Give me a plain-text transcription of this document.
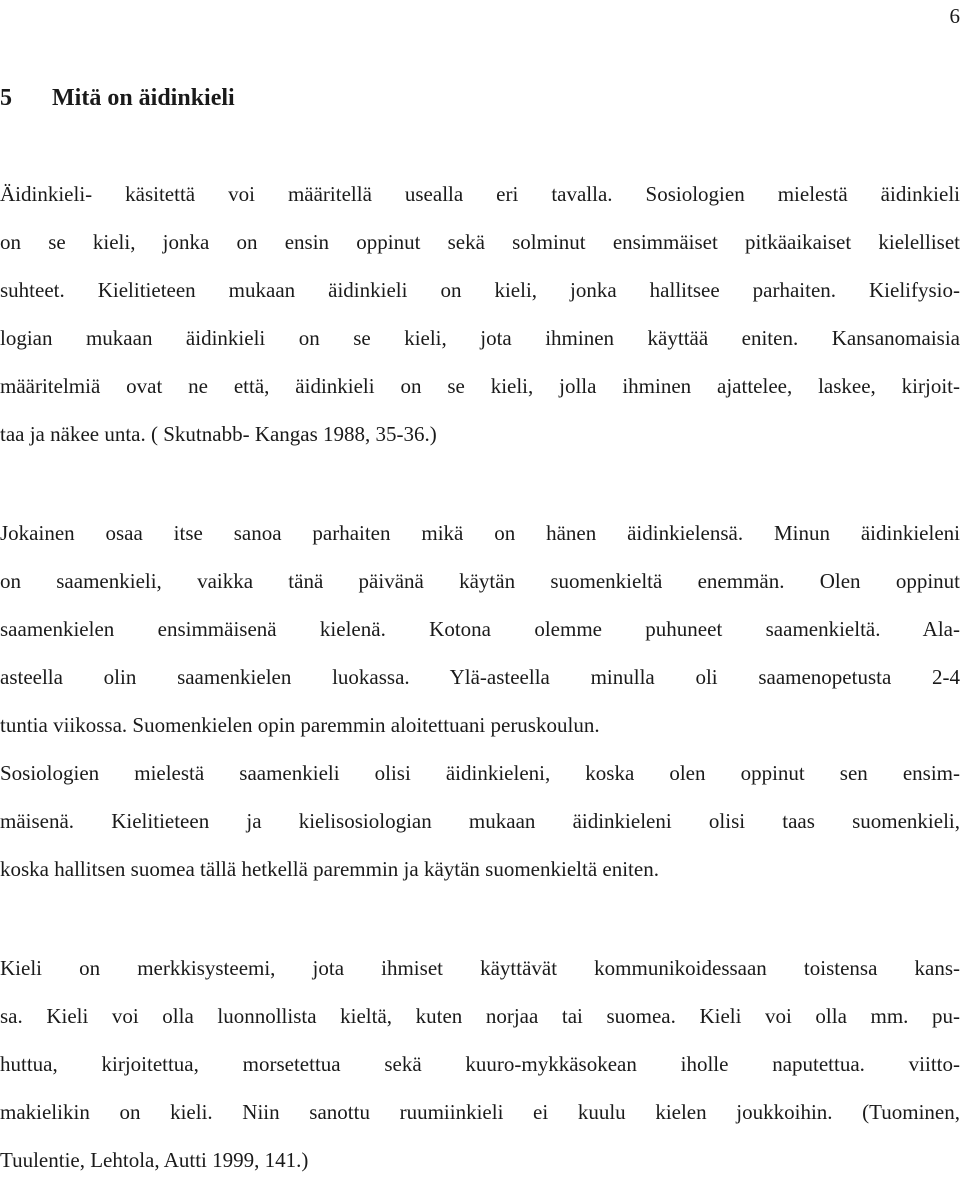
6
5 Mitä on äidinkieli
Äidinkieli- käsitettä voi määritellä usealla eri tavalla. Sosiologien mielestä äidinkieli
on se kieli, jonka on ensin oppinut sekä solminut ensimmäiset pitkäaikaiset kielelliset
suhteet. Kielitieteen mukaan äidinkieli on kieli, jonka hallitsee parhaiten. Kielifysio-
logian mukaan äidinkieli on se kieli, jota ihminen käyttää eniten. Kansanomaisia
määritelmiä ovat ne että, äidinkieli on se kieli, jolla ihminen ajattelee, laskee, kirjoit-
taa ja näkee unta. ( Skutnabb- Kangas 1988, 35-36.)
Jokainen osaa itse sanoa parhaiten mikä on hänen äidinkielensä. Minun äidinkieleni
on saamenkieli, vaikka tänä päivänä käytän suomenkieltä enemmän. Olen oppinut
saamenkielen ensimmäisenä kielenä. Kotona olemme puhuneet saamenkieltä. Ala-
asteella olin saamenkielen luokassa. Ylä-asteella minulla oli saamenopetusta 2-4
tuntia viikossa. Suomenkielen opin paremmin aloitettuani peruskoulun.
Sosiologien mielestä saamenkieli olisi äidinkieleni, koska olen oppinut sen ensim-
mäisenä. Kielitieteen ja kielisosiologian mukaan äidinkieleni olisi taas suomenkieli,
koska hallitsen suomea tällä hetkellä paremmin ja käytän suomenkieltä eniten.
Kieli on merkkisysteemi, jota ihmiset käyttävät kommunikoidessaan toistensa kans-
sa. Kieli voi olla luonnollista kieltä, kuten norjaa tai suomea. Kieli voi olla mm. pu-
huttua, kirjoitettua, morsetettua sekä kuuro-mykkäsokean iholle naputettua. viitto-
makielikin on kieli. Niin sanottu ruumiinkieli ei kuulu kielen joukkoihin. (Tuominen,
Tuulentie, Lehtola, Autti 1999, 141.)
